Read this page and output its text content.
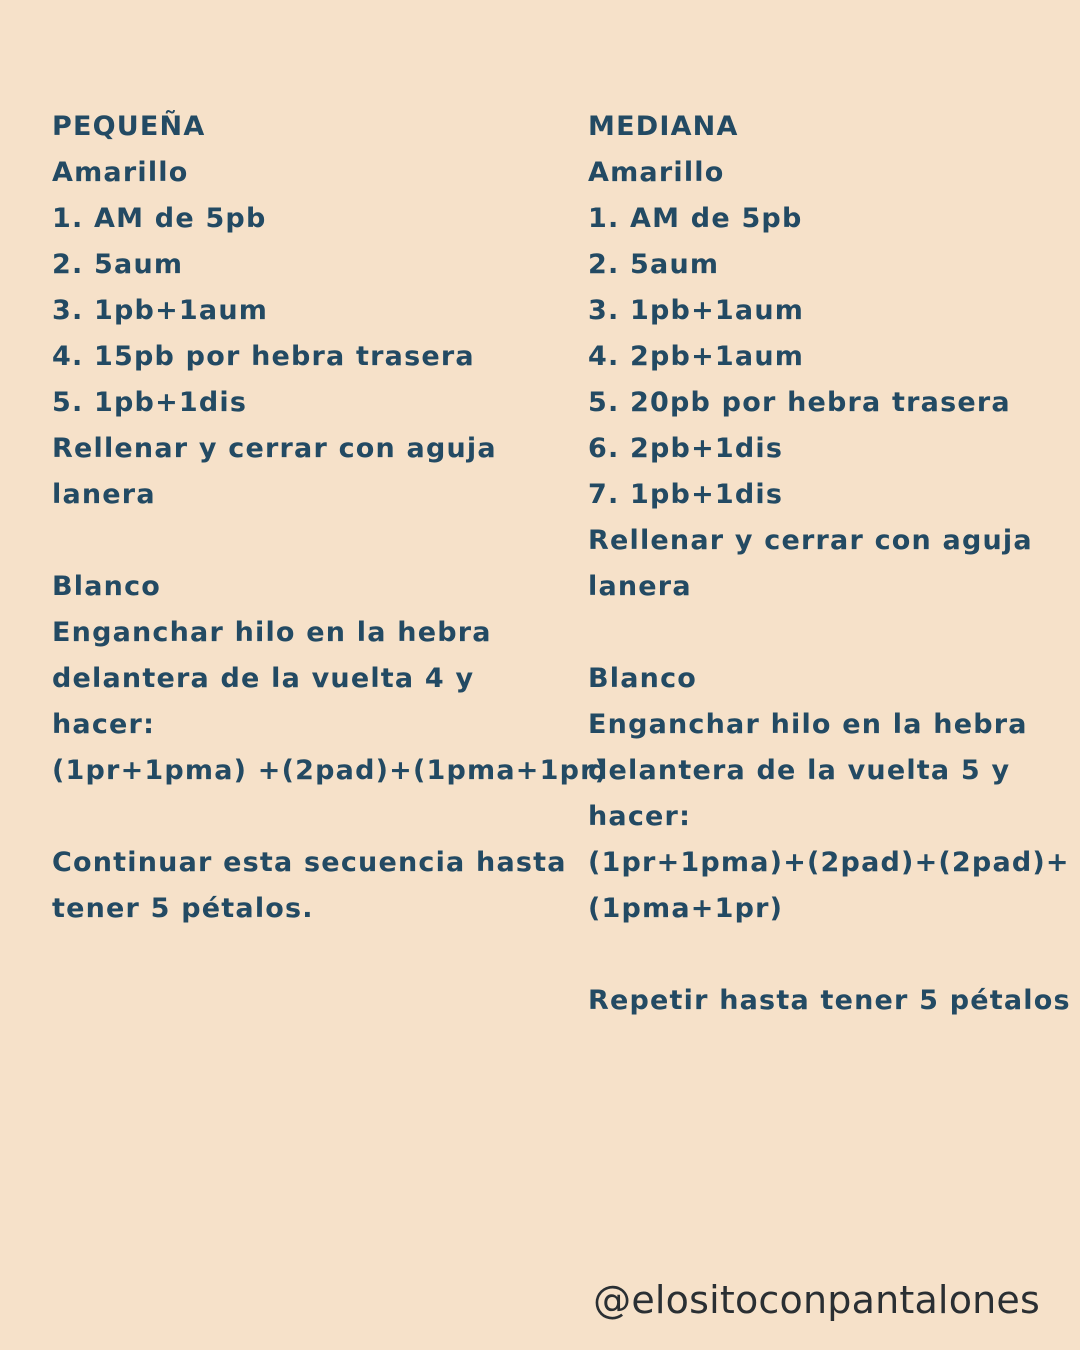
PEQUEÑA
Amarillo
1. AM de 5pb
2. 5aum
3. 1pb+1aum
4. 15pb por hebra trasera
5. 1pb+1dis
Rellenar y cerrar con aguja
lanera
Blanco
Enganchar hilo en la hebra
delantera de la vuelta 4 y
hacer:
(1pr+1pma) +(2pad)+(1pma+1pr)
Continuar esta secuencia hasta
tener 5 pétalos.
MEDIANA
Amarillo
1. AM de 5pb
2. 5aum
3. 1pb+1aum
4. 2pb+1aum
5. 20pb por hebra trasera
6. 2pb+1dis
7. 1pb+1dis
Rellenar y cerrar con aguja
lanera
Blanco
Enganchar hilo en la hebra
delantera de la vuelta 5 y
hacer:
(1pr+1pma)+(2pad)+(2pad)+
(1pma+1pr)
Repetir hasta tener 5 pétalos
@elositoconpantalones
